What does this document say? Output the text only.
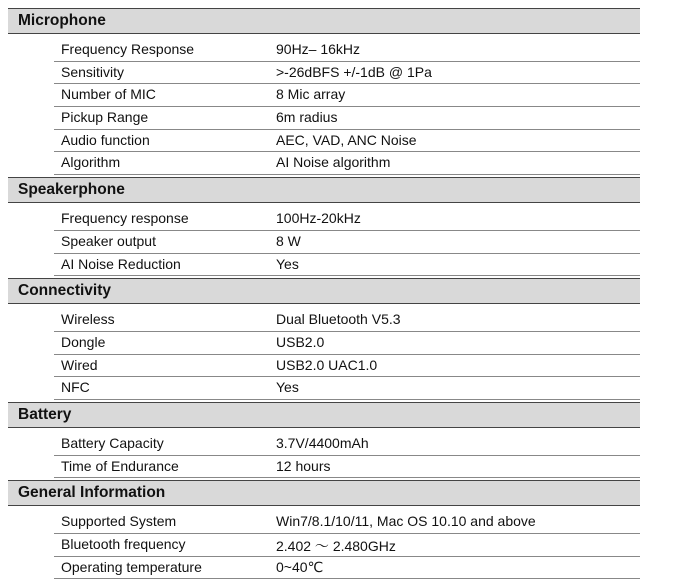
Microphone
Frequency Response	90Hz– 16kHz
Sensitivity	>-26dBFS +/-1dB @ 1Pa
Number of MIC	8 Mic array
Pickup Range	6m radius
Audio function	AEC, VAD, ANC Noise
Algorithm	AI Noise algorithm
Speakerphone
Frequency response	100Hz-20kHz
Speaker output	8 W
AI Noise Reduction	Yes
Connectivity
Wireless	Dual Bluetooth V5.3
Dongle	USB2.0
Wired	USB2.0 UAC1.0
NFC	Yes
Battery
Battery Capacity	3.7V/4400mAh
Time of Endurance	12 hours
General Information
Supported System	Win7/8.1/10/11, Mac OS 10.10 and above
Bluetooth frequency	2.402 ～ 2.480GHz
Operating temperature	0~40℃
